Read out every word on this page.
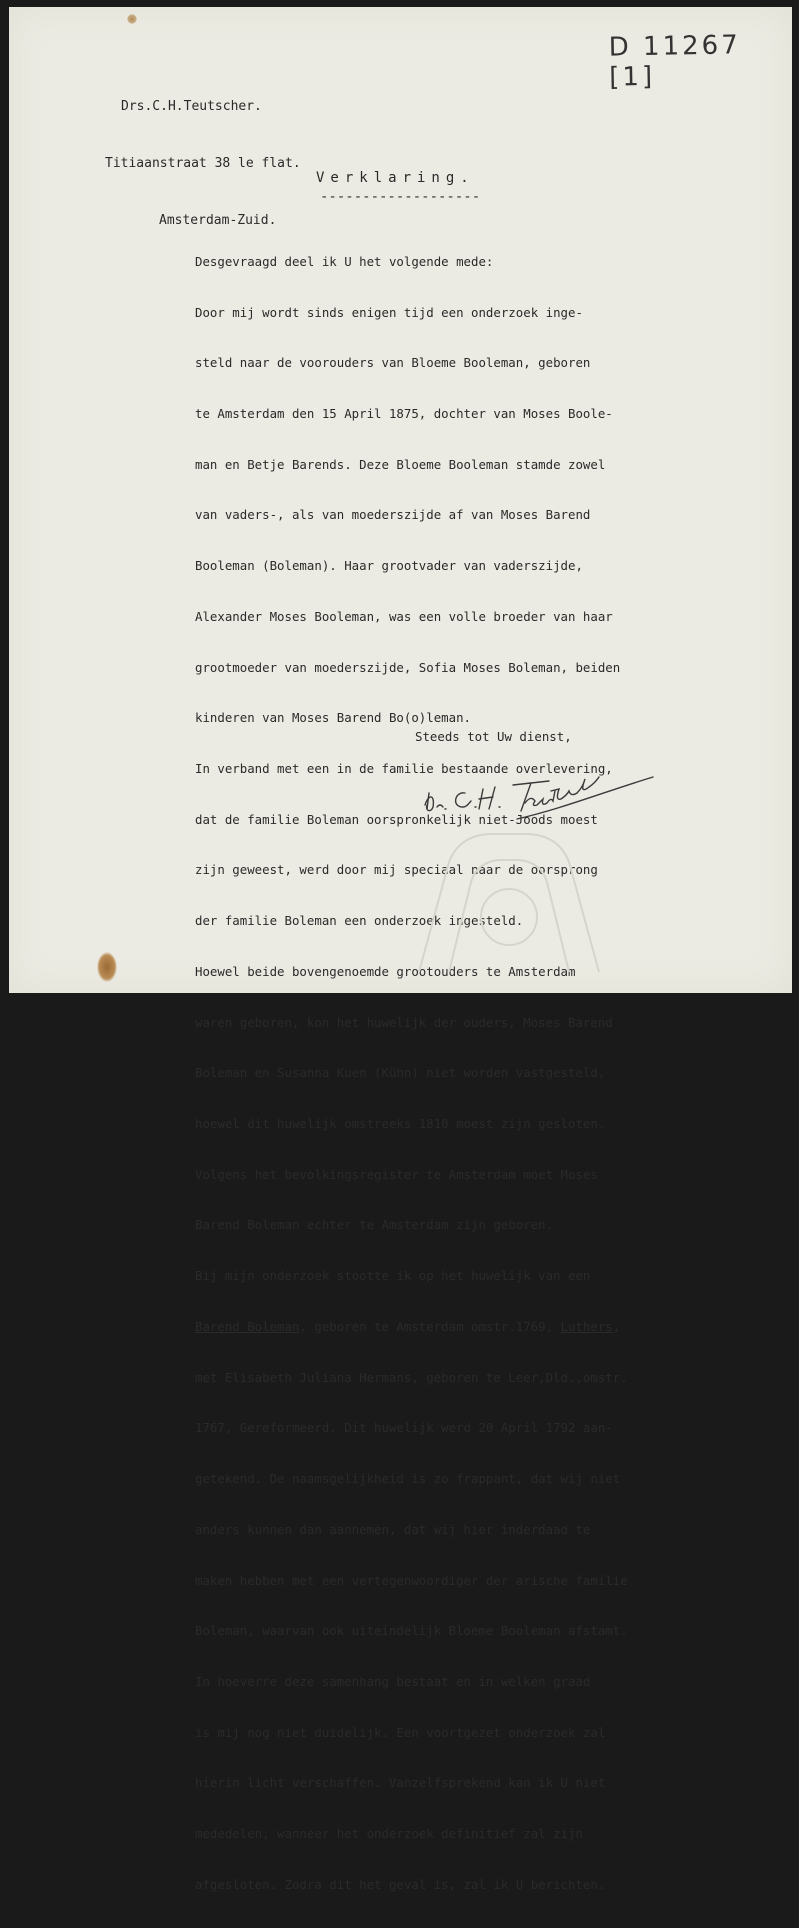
D 11267 [1]

Drs.C.H.Teutscher.

Titiaanstraat 38 le flat.

Amsterdam-Zuid.

Verklaring.
-------------------

Desgevraagd deel ik U het volgende mede:

Door mij wordt sinds enigen tijd een onderzoek inge-

steld naar de voorouders van Bloeme Booleman, geboren

te Amsterdam den 15 April 1875, dochter van Moses Boole-

man en Betje Barends. Deze Bloeme Booleman stamde zowel

van vaders-, als van moederszijde af van Moses Barend

Booleman (Boleman). Haar grootvader van vaderszijde,

Alexander Moses Booleman, was een volle broeder van haar

grootmoeder van moederszijde, Sofia Moses Boleman, beiden

kinderen van Moses Barend Bo(o)leman.

In verband met een in de familie bestaande overlevering,

dat de familie Boleman oorspronkelijk niet-Joods moest

zijn geweest, werd door mij speciaal naar de oorsprong

der familie Boleman een onderzoek ingesteld.

Hoewel beide bovengenoemde grootouders te Amsterdam

waren geboren, kon het huwelijk der ouders, Moses Barend

Boleman en Susanna Kuen (Kühn) niet worden vastgesteld,

hoewel dit huwelijk omstreeks 1810 moest zijn gesloten.

Volgens het bevolkingsregister te Amsterdam moet Moses

Barend Boleman echter te Amsterdam zijn geboren.

Bij mijn onderzoek stootte ik op het huwelijk van een

Barend Boleman, geboren te Amsterdam omstr.1769, Luthers,

met Elisabeth Juliana Hermans, geboren te Leer,Dld.,omstr.

1767, Gereformeerd. Dit huwelijk werd 20 April 1792 aan-

getekend. De naamsgelijkheid is zo frappant, dat wij niet

anders kunnen dan aannemen, dat wij hier inderdaad te

maken hebben met een vertegenwoordiger der arische familie

Boleman, waarvan ook uiteindelijk Bloeme Booleman afstamt.

In hoeverre deze samenhang bestaat en in welken graad

is mij nog niet duidelijk. Een voortgezet onderzoek zal

hierin licht verschaffen. Vanzelfsprekend kan ik U niet

mededelen, wanneer het onderzoek definitief zal zijn

afgesloten. Zodra dit het geval is, zal ik U berichten.

Steeds tot Uw dienst,
